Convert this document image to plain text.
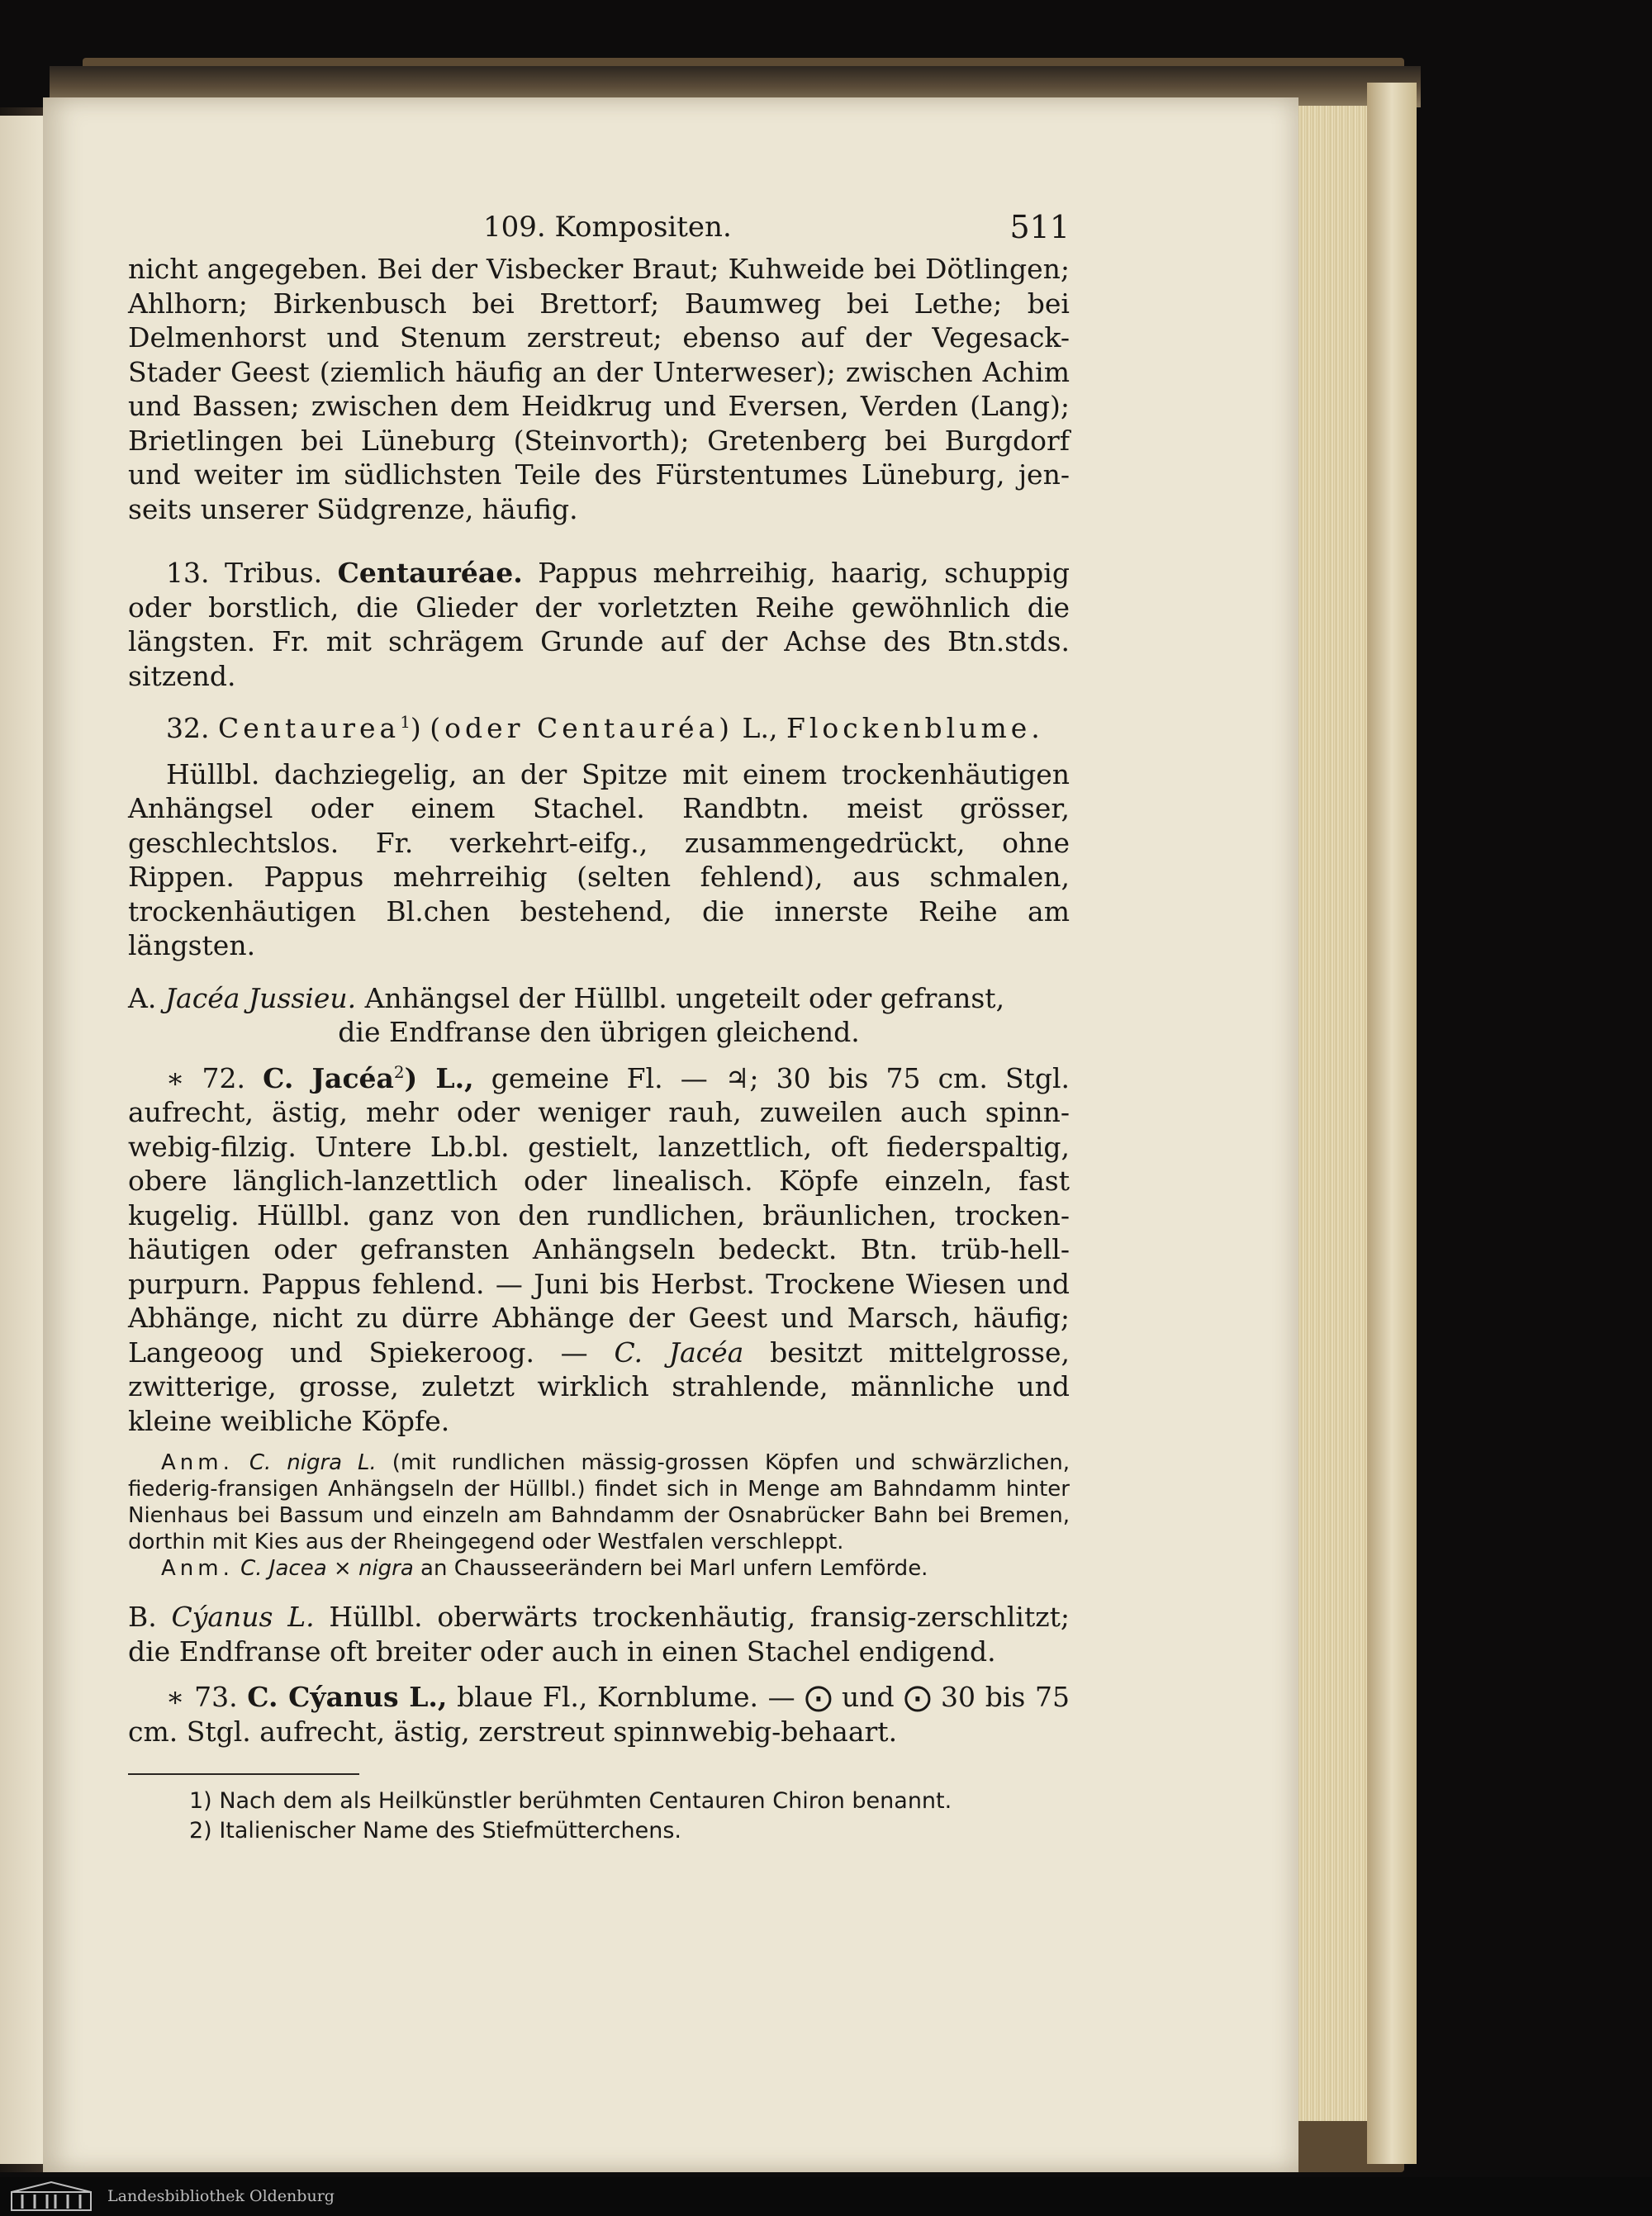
109. Kompositen.	511

nicht angegeben. Bei der Visbecker Braut; Kuhweide bei Dötlingen; Ahlhorn; Birkenbusch bei Brettorf; Baumweg bei Lethe; bei Delmenhorst und Stenum zerstreut; ebenso auf der Vegesack-Stader Geest (ziemlich häufig an der Unterweser); zwischen Achim und Bassen; zwischen dem Heidkrug und Eversen, Verden (Lang); Brietlingen bei Lüneburg (Steinvorth); Gretenberg bei Burgdorf und weiter im südlichsten Teile des Fürstentumes Lüneburg, jenseits unserer Südgrenze, häufig.

13. Tribus. Centauréae. Pappus mehrreihig, haarig, schuppig oder borstlich, die Glieder der vorletzten Reihe gewöhnlich die längsten. Fr. mit schrägem Grunde auf der Achse des Btn.stds. sitzend.

32. Centaurea$^1$) (oder Centauréa) L., Flockenblume.

Hüllbl. dachziegelig, an der Spitze mit einem trockenhäutigen Anhängsel oder einem Stachel. Randbtn. meist grösser, geschlechtslos. Fr. verkehrt-eifg., zusammengedrückt, ohne Rippen. Pappus mehrreihig (selten fehlend), aus schmalen, trockenhäutigen Bl.chen bestehend, die innerste Reihe am längsten.

A. Jacéa Jussieu. Anhängsel der Hüllbl. ungeteilt oder gefranst,
die Endfranse den übrigen gleichend.

∗ 72. C. Jacéa$^2$) L., gemeine Fl. — ♃; 30 bis 75 cm. Stgl. aufrecht, ästig, mehr oder weniger rauh, zuweilen auch spinnwebig-filzig. Untere Lb.bl. gestielt, lanzettlich, oft fiederspaltig, obere länglich-lanzettlich oder linealisch. Köpfe einzeln, fast kugelig. Hüllbl. ganz von den rundlichen, bräunlichen, trockenhäutigen oder gefransten Anhängseln bedeckt. Btn. trüb-hellpurpurn. Pappus fehlend. — Juni bis Herbst. Trockene Wiesen und Abhänge, nicht zu dürre Abhänge der Geest und Marsch, häufig; Langeoog und Spiekeroog. — C. Jacéa besitzt mittelgrosse, zwitterige, grosse, zuletzt wirklich strahlende, männliche und kleine weibliche Köpfe.

Anm. C. nigra L. (mit rundlichen mässig-grossen Köpfen und schwärzlichen, fiederig-fransigen Anhängseln der Hüllbl.) findet sich in Menge am Bahndamm hinter Nienhaus bei Bassum und einzeln am Bahndamm der Osnabrücker Bahn bei Bremen, dorthin mit Kies aus der Rheingegend oder Westfalen verschleppt.

Anm. C. Jacea × nigra an Chausseerändern bei Marl unfern Lemförde.

B. Cýanus L. Hüllbl. oberwärts trockenhäutig, fransig-zerschlitzt; die Endfranse oft breiter oder auch in einen Stachel endigend.

∗ 73. C. Cýanus L., blaue Fl., Kornblume. — ⨀ und ⨀ 30 bis 75 cm. Stgl. aufrecht, ästig, zerstreut spinnwebig-behaart.

1) Nach dem als Heilkünstler berühmten Centauren Chiron benannt.

2) Italienischer Name des Stiefmütterchens.

Landesbibliothek Oldenburg
